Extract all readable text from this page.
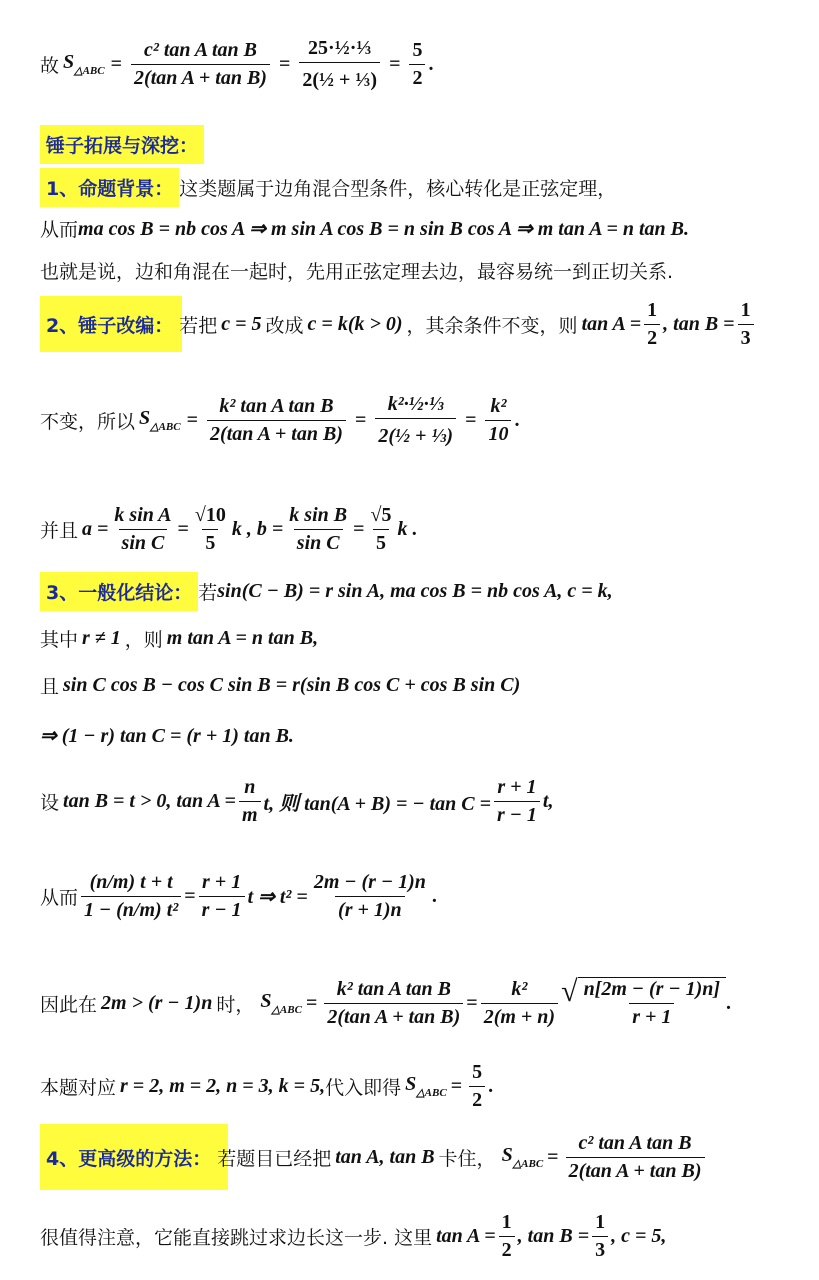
故 $S_{\triangle ABC} = \frac{\text{c² tan A tan B}}{\text{2(tan A + tan B)}} = \frac{\text{25·½·⅓}}{\text{2(½ + ⅓)}} = \frac{5}{2}$ .
锤子拓展与深挖：
1、命题背景： 这类题属于边角混合型条件，核心转化是正弦定理，
从而 ma cos B = nb cos A ⇒ m sin A cos B = n sin B cos A ⇒ m tan A = n tan B.
也就是说，边和角混在一起时，先用正弦定理去边，最容易统一到正切关系.
2、锤子改编： 若把 c = 5 改成 c = k(k > 0) ，其余条件不变，则 $\tan A = \frac{1}{2}$ , $\tan B = \frac{1}{3}$
不变，所以 $S_{\triangle ABC} = \frac{\text{k² tan A tan B}}{\text{2(tan A + tan B)}} = \frac{\text{k²·½·⅓}}{\text{2(½ + ⅓)}} = \frac{\text{k²}}{10}$ .
并且 $a = \frac{\text{k sin A}}{\text{sin C}} = \frac{√10}{5}$ k , $b = \frac{\text{k sin B}}{\text{sin C}} = \frac{√5}{5}$ k .
3、一般化结论： 若 sin(C − B) = r sin A, ma cos B = nb cos A, c = k,
其中 r ≠ 1 ，则 m tan A = n tan B,
且 sin C cos B − cos C sin B = r(sin B cos C + cos B sin C)
⇒ (1 − r) tan C = (r + 1) tan B.
设 tan B = t > 0, $\tan A = \frac{n}{m} t$, 则 tan(A + B) = − $\tan C = \frac{r + 1}{r - 1} t$,
从而 $\frac{(n/m) t + t}{\text{1 − (n/m) t²}} = \frac{r + 1}{r - 1}$ t ⇒ $t^2 = \frac{2m - (r - 1)n}{(r + 1)n}$ .
因此在 2m > (r − 1)n 时， $S_{\triangle ABC} = \frac{\text{k² tan A tan B}}{\text{2(tan A + tan B)}} = \frac{\text{k²}}{2(m + n)}$ √ $\frac{n[2m - (r - 1)n]}{r + 1}$ .
本题对应 r = 2, m = 2, n = 3, k = 5, 代入即得 $S_{\triangle ABC} = \frac{5}{2}$ .
4、更高级的方法： 若题目已经把 tan A, tan B 卡住， $S_{\triangle ABC} = \frac{\text{c² tan A tan B}}{\text{2(tan A + tan B)}}$
很值得注意，它能直接跳过求边长这一步. 这里 $\tan A = \frac{1}{2}$ , $\tan B = \frac{1}{3}$ , c = 5,
